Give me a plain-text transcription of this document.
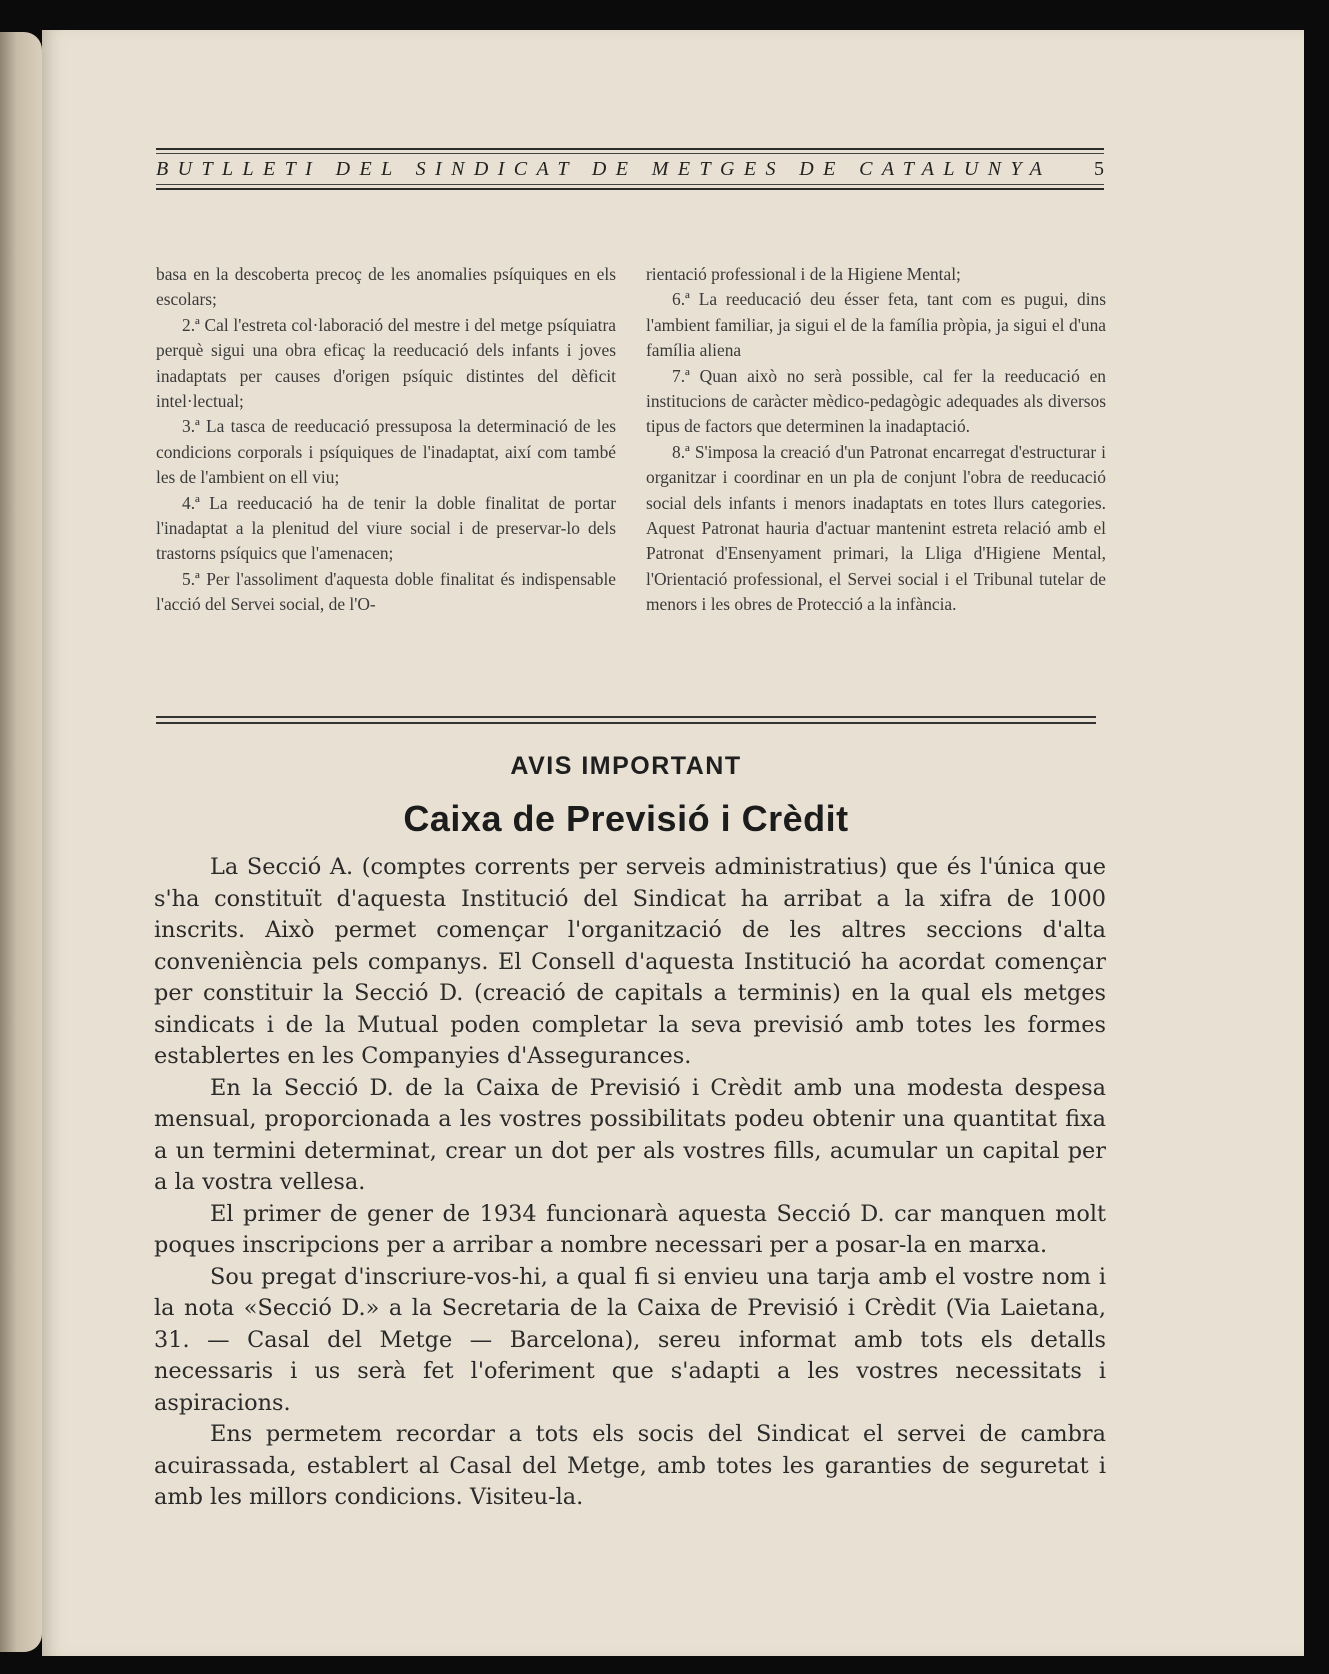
BUTLLETI DEL SINDICAT DE METGES DE CATALUNYA 5

basa en la descoberta precoç de les anomalies psíquiques en els escolars;

2.ª Cal l'estreta col·laboració del mestre i del metge psíquiatra perquè sigui una obra eficaç la reeducació dels infants i joves inadaptats per causes d'origen psíquic distintes del dèficit intel·lectual;

3.ª La tasca de reeducació pressuposa la determinació de les condicions corporals i psíquiques de l'inadaptat, així com també les de l'ambient on ell viu;

4.ª La reeducació ha de tenir la doble finalitat de portar l'inadaptat a la plenitud del viure social i de preservar-lo dels trastorns psíquics que l'amenacen;

5.ª Per l'assoliment d'aquesta doble finalitat és indispensable l'acció del Servei social, de l'O-

rientació professional i de la Higiene Mental;

6.ª La reeducació deu ésser feta, tant com es pugui, dins l'ambient familiar, ja sigui el de la família pròpia, ja sigui el d'una família aliena

7.ª Quan això no serà possible, cal fer la reeducació en institucions de caràcter mèdico-pedagògic adequades als diversos tipus de factors que determinen la inadaptació.

8.ª S'imposa la creació d'un Patronat encarregat d'estructurar i organitzar i coordinar en un pla de conjunt l'obra de reeducació social dels infants i menors inadaptats en totes llurs categories. Aquest Patronat hauria d'actuar mantenint estreta relació amb el Patronat d'Ensenyament primari, la Lliga d'Higiene Mental, l'Orientació professional, el Servei social i el Tribunal tutelar de menors i les obres de Protecció a la infància.

AVIS IMPORTANT
Caixa de Previsió i Crèdit

La Secció A. (comptes corrents per serveis administratius) que és l'única que s'ha constituït d'aquesta Institució del Sindicat ha arribat a la xifra de 1000 inscrits. Això permet començar l'organització de les altres seccions d'alta conveniència pels companys. El Consell d'aquesta Institució ha acordat començar per constituir la Secció D. (creació de capitals a terminis) en la qual els metges sindicats i de la Mutual poden completar la seva previsió amb totes les formes establertes en les Companyies d'Assegurances.

En la Secció D. de la Caixa de Previsió i Crèdit amb una modesta despesa mensual, proporcionada a les vostres possibilitats podeu obtenir una quantitat fixa a un termini determinat, crear un dot per als vostres fills, acumular un capital per a la vostra vellesa.

El primer de gener de 1934 funcionarà aquesta Secció D. car manquen molt poques inscripcions per a arribar a nombre necessari per a posar-la en marxa.

Sou pregat d'inscriure-vos-hi, a qual fi si envieu una tarja amb el vostre nom i la nota «Secció D.» a la Secretaria de la Caixa de Previsió i Crèdit (Via Laietana, 31. — Casal del Metge — Barcelona), sereu informat amb tots els detalls necessaris i us serà fet l'oferiment que s'adapti a les vostres necessitats i aspiracions.

Ens permetem recordar a tots els socis del Sindicat el servei de cambra acuirassada, establert al Casal del Metge, amb totes les garanties de seguretat i amb les millors condicions. Visiteu-la.
